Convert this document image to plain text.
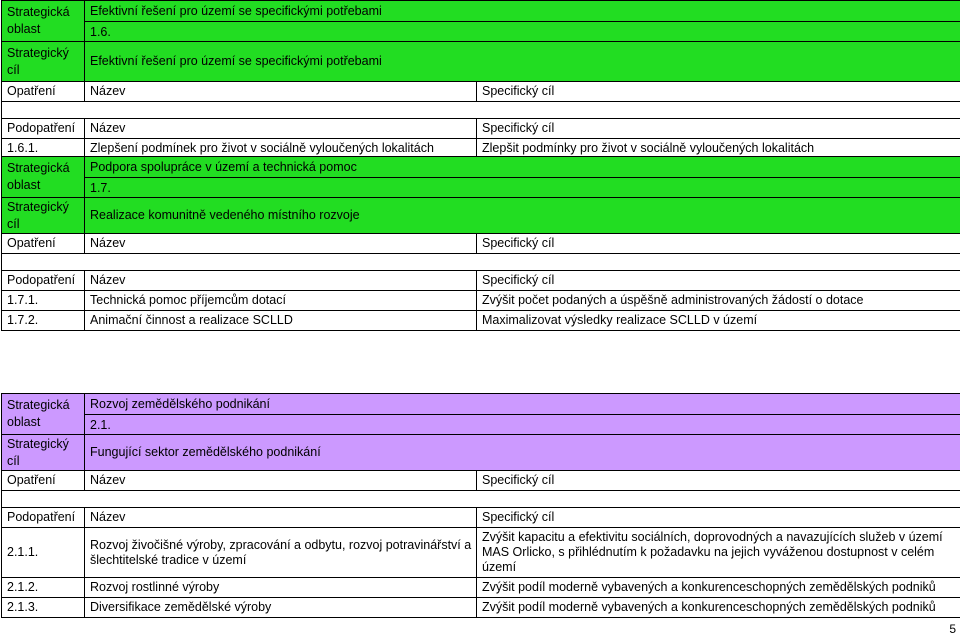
Strategická oblast	Efektivní řešení pro území se specifickými potřebami
1.6.	

Strategický cíl	Efektivní řešení pro území se specifickými potřebami	
Opatření	Název	Specifický cíl

Podopatření	Název	Specifický cíl
1.6.1.	Zlepšení podmínek pro život v sociálně vyloučených lokalitách	Zlepšit podmínky pro život v sociálně vyloučených lokalitách
Strategická oblast	Podpora spolupráce v území a technická pomoc
1.7.	

Strategický cíl	Realizace komunitně vedeného místního rozvoje	
Opatření	Název	Specifický cíl

Podopatření	Název	Specifický cíl
1.7.1.	Technická pomoc příjemcům dotací	Zvýšit počet podaných a úspěšně administrovaných žádostí o dotace
1.7.2.	Animační činnost a realizace SCLLD	Maximalizovat výsledky realizace SCLLD v území
Strategická oblast	Rozvoj zemědělského podnikání
2.1.	

Strategický cíl	Fungující sektor zemědělského podnikání	
Opatření	Název	Specifický cíl

Podopatření	Název	Specifický cíl
2.1.1.	Rozvoj živočišné výroby, zpracování a odbytu, rozvoj potravinářství a šlechtitelské tradice v území	Zvýšit kapacitu a efektivitu sociálních, doprovodných a navazujících služeb v území MAS Orlicko, s přihlédnutím k požadavku na jejich vyváženou dostupnost v celém území
2.1.2.	Rozvoj rostlinné výroby	Zvýšit podíl moderně vybavených a konkurenceschopných zemědělských podniků
2.1.3.	Diversifikace zemědělské výroby	Zvýšit podíl moderně vybavených a konkurenceschopných zemědělských podniků
5
